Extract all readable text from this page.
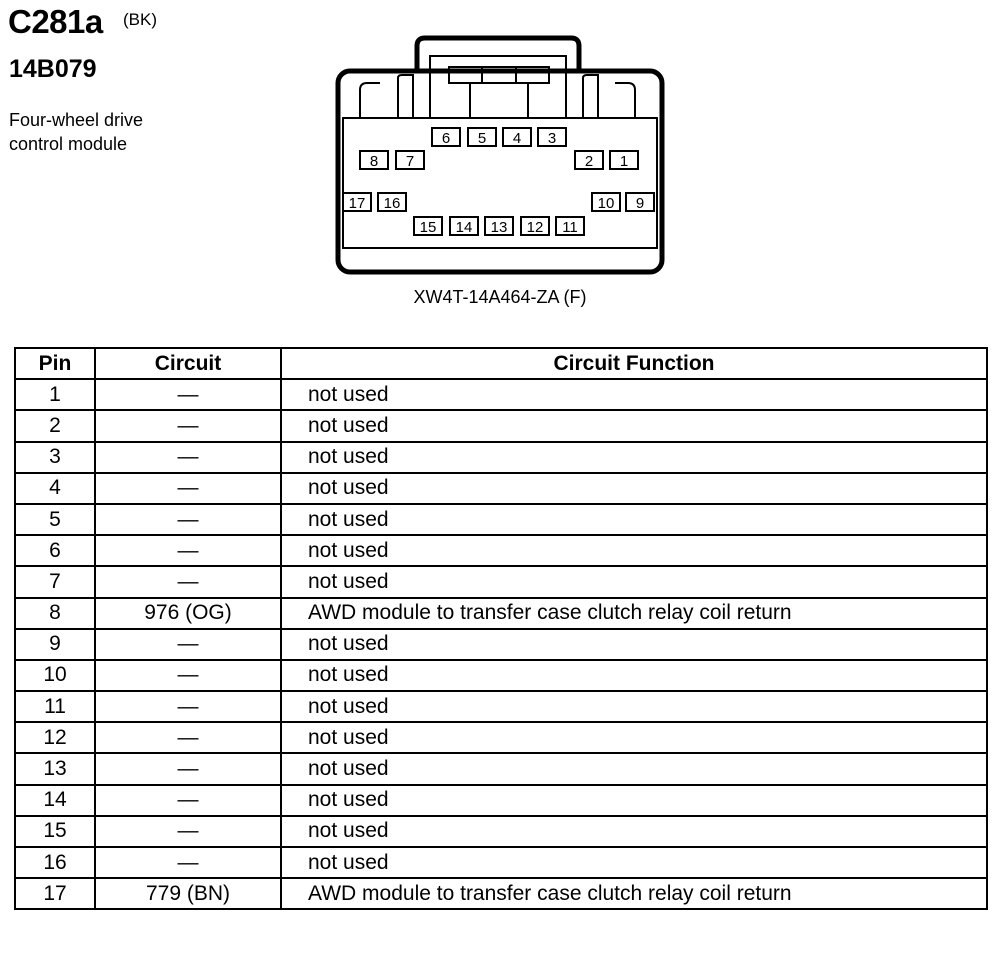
C281a (BK)
14B079
Four-wheel drive
control module
1
2
3
4
5
6
7
8
9
10
11
12
13
14
15
16
17
XW4T-14A464-ZA (F)
Pin	Circuit	Circuit Function
1	—	not used
2	—	not used
3	—	not used
4	—	not used
5	—	not used
6	—	not used
7	—	not used
8	976 (OG)	AWD module to transfer case clutch relay coil return
9	—	not used
10	—	not used
11	—	not used
12	—	not used
13	—	not used
14	—	not used
15	—	not used
16	—	not used
17	779 (BN)	AWD module to transfer case clutch relay coil return
